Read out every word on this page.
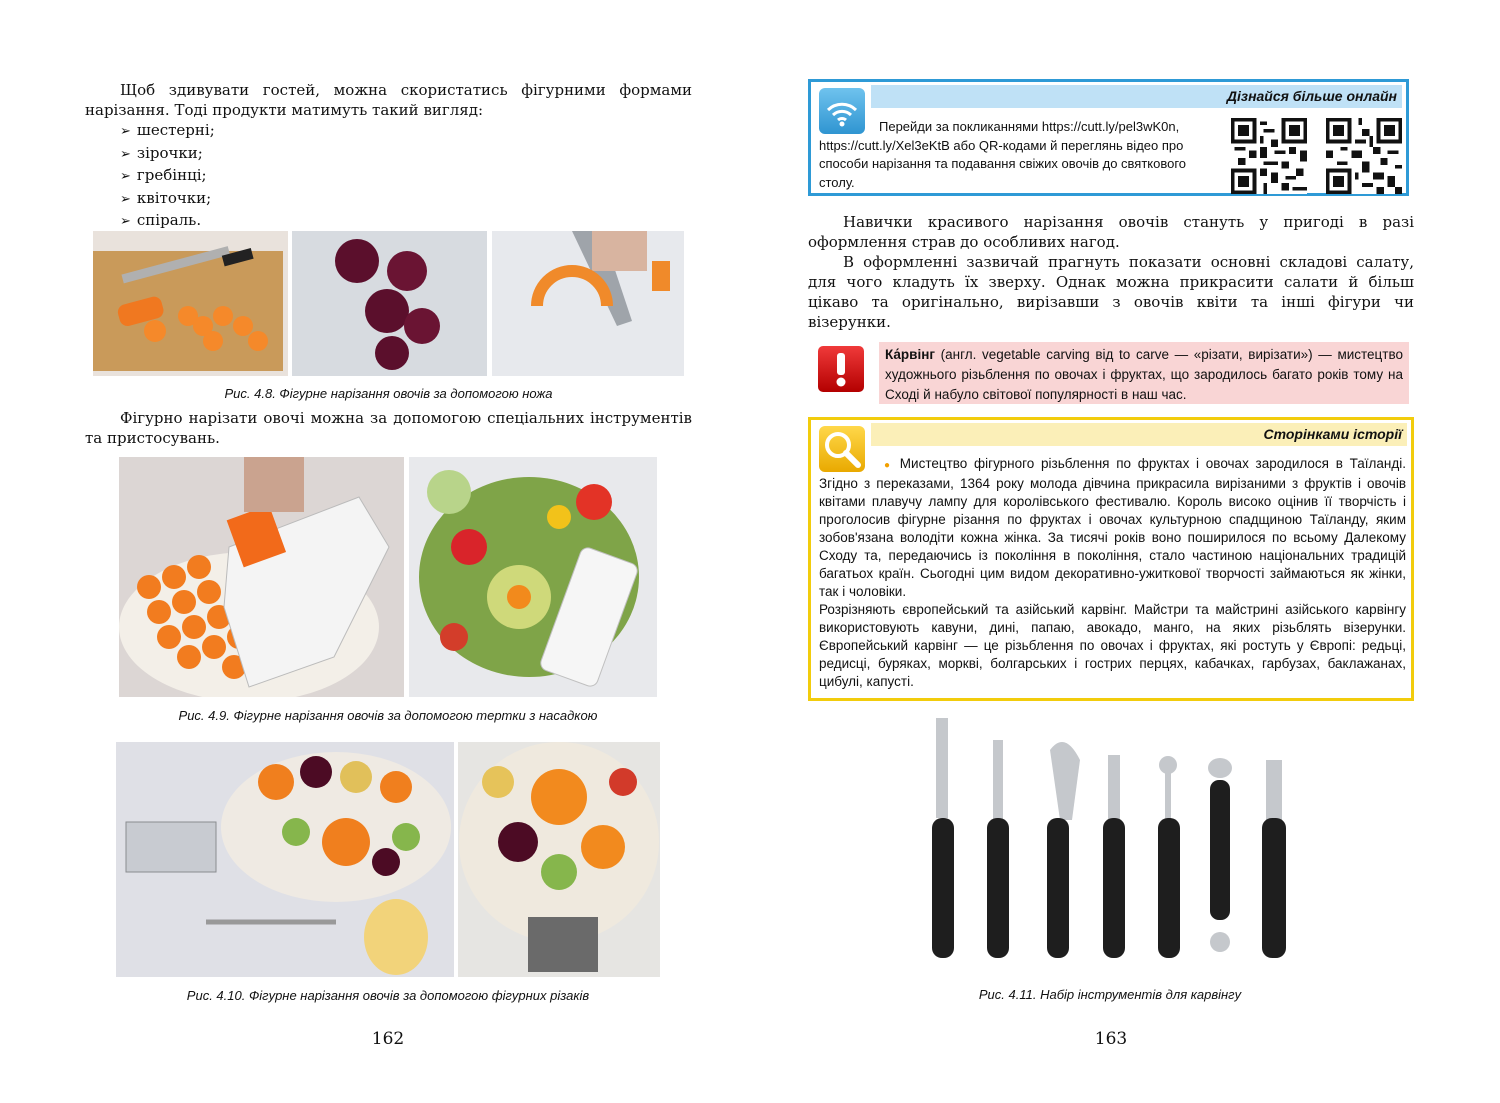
Щоб здивувати гостей, можна скористатись фігурними формами нарізання. Тоді продукти матимуть такий вигляд:

➢ шестерні;
➢ зірочки;
➢ гребінці;
➢ квіточки;
➢ спіраль.
Рис. 4.8. Фігурне нарізання овочів за допомогою ножа

Фігурно нарізати овочі можна за допомогою спеціальних інструментів та пристосувань.

Рис. 4.9. Фігурне нарізання овочів за допомогою тертки з насадкою
Рис. 4.10. Фігурне нарізання овочів за допомогою фігурних різаків
162
Дізнайся більше онлайн

Перейди за покликаннями https://cutt.ly/pel3wK0n, https://cutt.ly/Xel3eKtB або QR-кодами й переглянь відео про способи нарізання та подавання свіжих овочів до святкового столу.

Навички красивого нарізання овочів стануть у пригоді в разі оформлення страв до особливих нагод.

В оформленні зазвичай прагнуть показати основні складові салату, для чого кладуть їх зверху. Однак можна прикрасити салати й більш цікаво та оригінально, вирізавши з овочів квіти та інші фігури чи візерунки.

Ка́рвінг (англ. vegetable carving від to carve — «різати, вирізати») — мистецтво художнього різьблення по овочах і фруктах, що зародилось багато років тому на Сході й набуло світової популярності в наш час.
Сторінками історії

● Мистецтво фігурного різьблення по фруктах і овочах зародилося в Таїланді. Згідно з переказами, 1364 року молода дівчина прикрасила вирізаними з фруктів і овочів квітами плавучу лампу для королівського фестивалю. Король високо оцінив її творчість і проголосив фігурне різання по фруктах і овочах культурною спадщиною Таїланду, яким зобов'язана володіти кожна жінка. За тисячі років воно поширилося по всьому Далекому Сходу та, передаючись із покоління в покоління, стало частиною національних традицій багатьох країн. Сьогодні цим видом декоративно-ужиткової творчості займаються як жінки, так і чоловіки.

Розрізняють європейський та азійський карвінг. Майстри та майстрині азійського карвінгу використовують кавуни, дині, папаю, авокадо, манго, на яких різьблять візерунки. Європейський карвінг — це різьблення по овочах і фруктах, які ростуть у Європі: редьці, редисці, буряках, моркві, болгарських і гострих перцях, кабачках, гарбузах, баклажанах, цибулі, капусті.

Рис. 4.11. Набір інструментів для карвінгу
163
